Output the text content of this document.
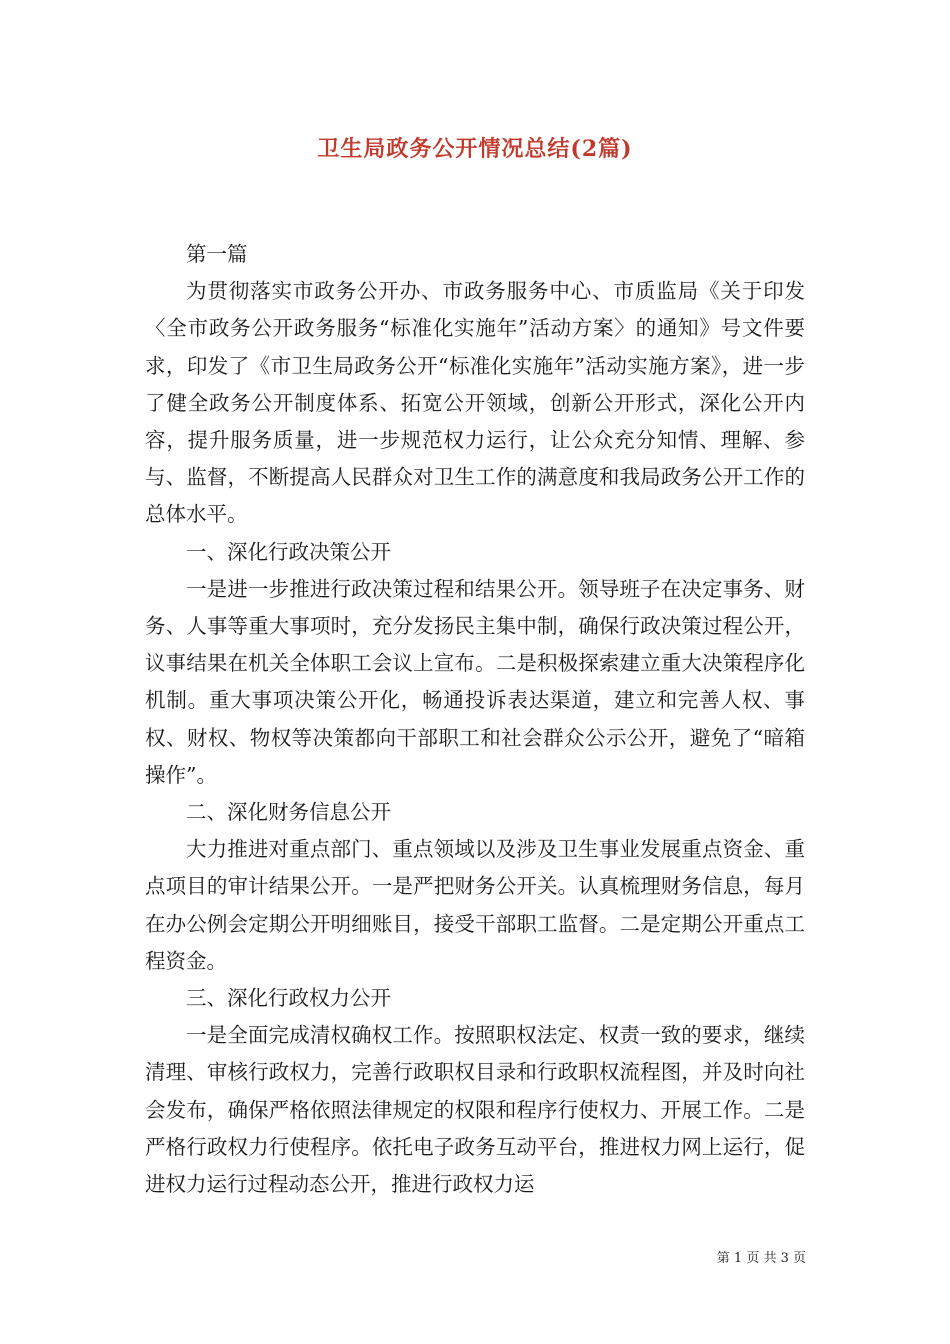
卫生局政务公开情况总结(2篇)

第一篇

为贯彻落实市政务公开办、市政务服务中心、市质监局《关于印发〈全市政务公开政务服务“标准化实施年”活动方案〉的通知》号文件要求，印发了《市卫生局政务公开“标准化实施年”活动实施方案》，进一步了健全政务公开制度体系、拓宽公开领域，创新公开形式，深化公开内容，提升服务质量，进一步规范权力运行，让公众充分知情、理解、参与、监督，不断提高人民群众对卫生工作的满意度和我局政务公开工作的总体水平。

一、深化行政决策公开

一是进一步推进行政决策过程和结果公开。领导班子在决定事务、财务、人事等重大事项时，充分发扬民主集中制，确保行政决策过程公开，议事结果在机关全体职工会议上宣布。二是积极探索建立重大决策程序化机制。重大事项决策公开化，畅通投诉表达渠道，建立和完善人权、事权、财权、物权等决策都向干部职工和社会群众公示公开，避免了“暗箱操作”。

二、深化财务信息公开

大力推进对重点部门、重点领域以及涉及卫生事业发展重点资金、重点项目的审计结果公开。一是严把财务公开关。认真梳理财务信息，每月在办公例会定期公开明细账目，接受干部职工监督。二是定期公开重点工程资金。

三、深化行政权力公开

一是全面完成清权确权工作。按照职权法定、权责一致的要求，继续清理、审核行政权力，完善行政职权目录和行政职权流程图，并及时向社会发布，确保严格依照法律规定的权限和程序行使权力、开展工作。二是严格行政权力行使程序。依托电子政务互动平台，推进权力网上运行，促进权力运行过程动态公开，推进行政权力运

第 1 页 共 3 页
